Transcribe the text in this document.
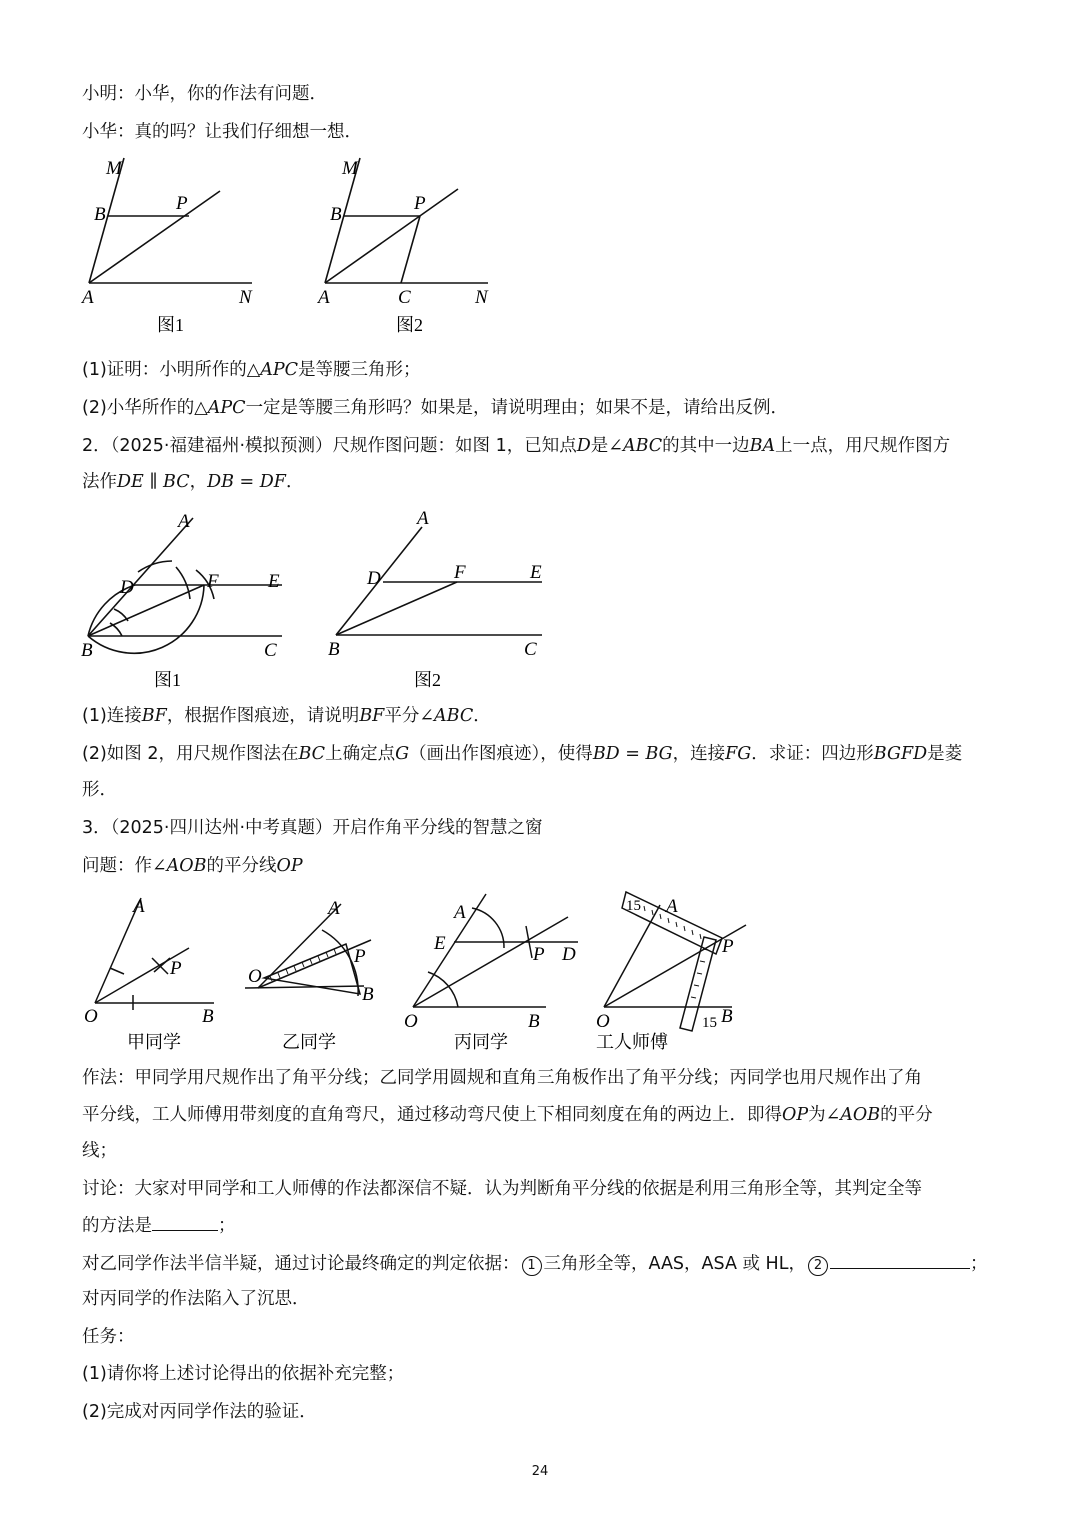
小明：小华，你的作法有问题．
小华：真的吗？让我们仔细想一想．
M
B
P
A	N
图1
M
B
P
A	C	N
图2
(1)证明：小明所作的△APC是等腰三角形；
(2)小华所作的△APC一定是等腰三角形吗？如果是，请说明理由；如果不是，请给出反例．
2．（2025·福建福州·模拟预测）尺规作图问题：如图 1，已知点D是∠ABC的其中一边BA上一点，用尺规作图方
法作DE ∥ BC，DB = DF．
A
D	F	E
B	C
图1
A
D	F	E
B	C
图2
(1)连接BF，根据作图痕迹，请说明BF平分∠ABC．
(2)如图 2，用尺规作图法在BC上确定点G（画出作图痕迹），使得BD = BG，连接FG．求证：四边形BGFD是菱
形．
3．（2025·四川达州·中考真题）开启作角平分线的智慧之窗
问题：作∠AOB的平分线OP
A
P
O	B
甲同学
A
P
O
B
乙同学
A
E
P D
O	B
丙同学
15 A
P
O	15 B
工人师傅
作法：甲同学用尺规作出了角平分线；乙同学用圆规和直角三角板作出了角平分线；丙同学也用尺规作出了角
平分线，工人师傅用带刻度的直角弯尺，通过移动弯尺使上下相同刻度在角的两边上．即得OP为∠AOB的平分
线；
讨论：大家对甲同学和工人师傅的作法都深信不疑．认为判断角平分线的依据是利用三角形全等，其判定全等
的方法是	；
对乙同学作法半信半疑，通过讨论最终确定的判定依据： 1 三角形全等，AAS，ASA 或 HL， 2	；
对丙同学的作法陷入了沉思．
任务：
(1)请你将上述讨论得出的依据补充完整；
(2)完成对丙同学作法的验证．
24
